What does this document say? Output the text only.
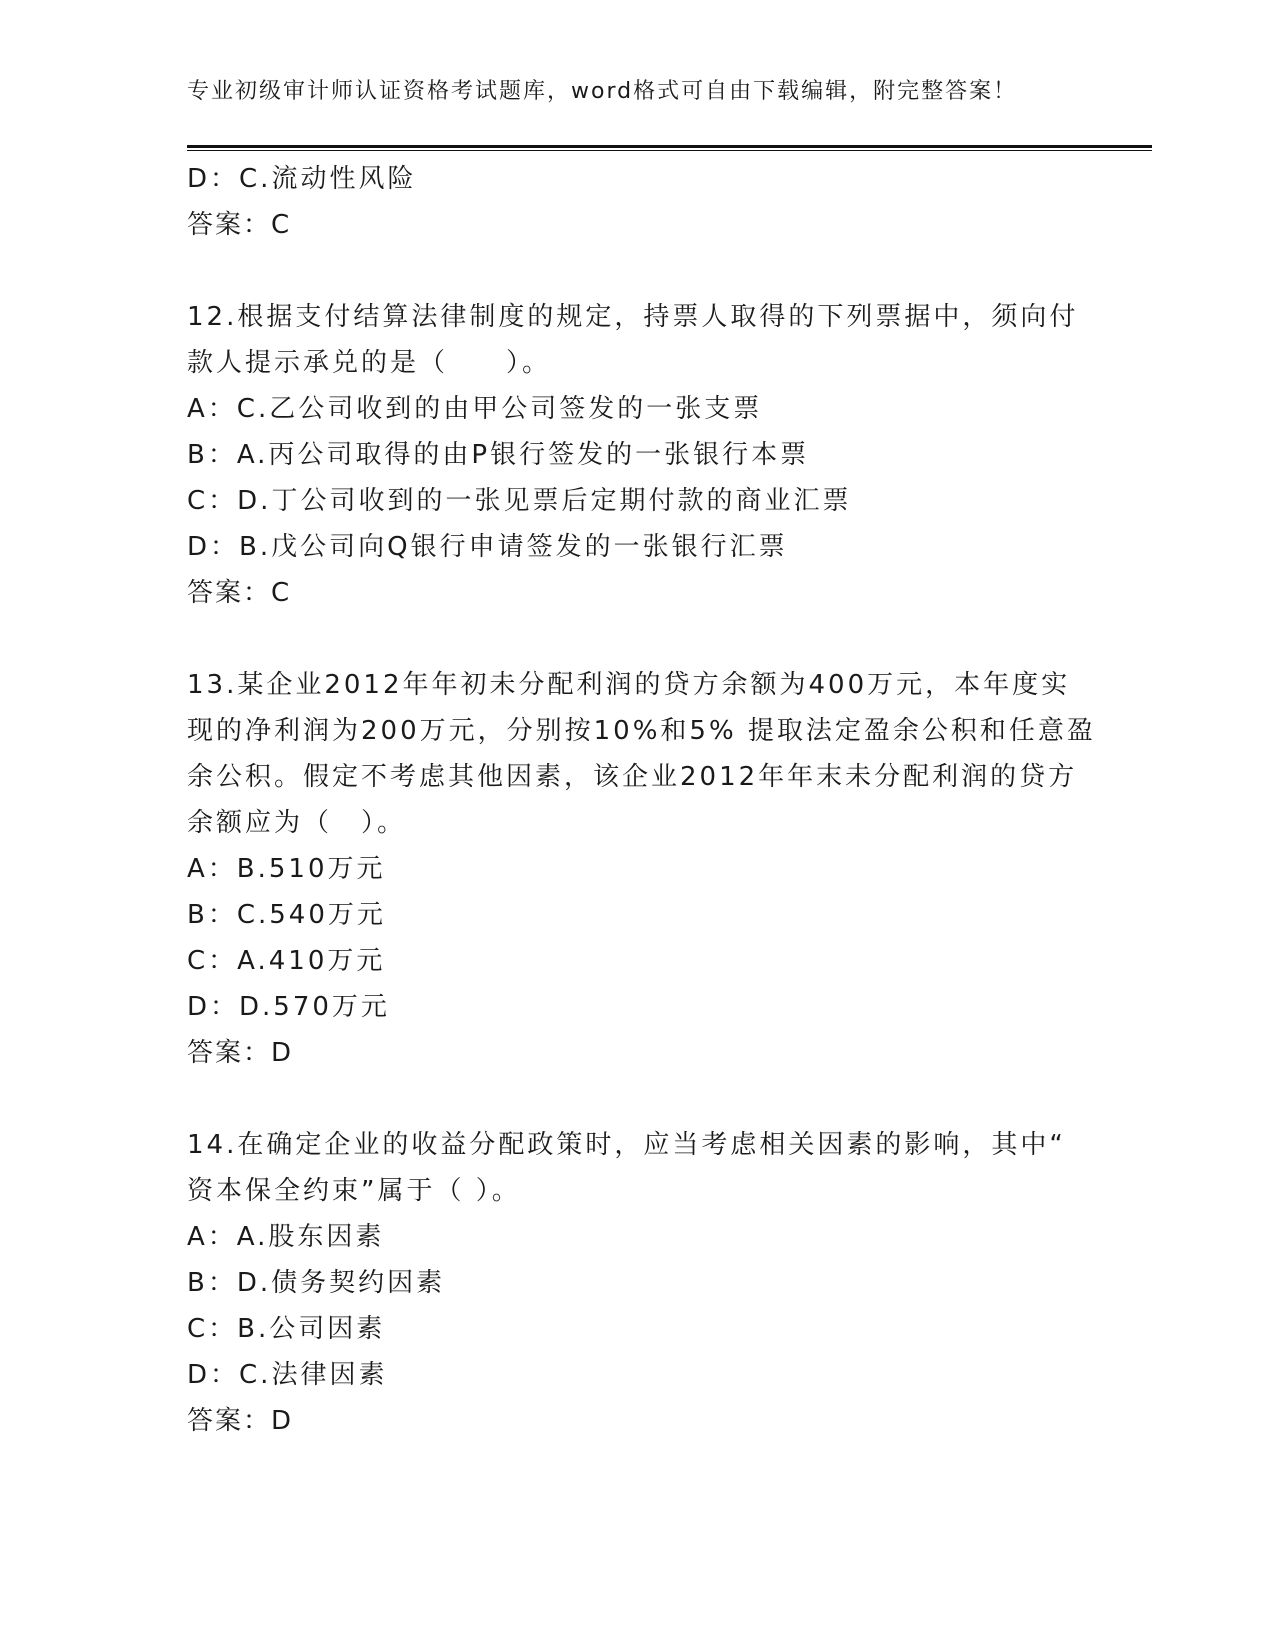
专业初级审计师认证资格考试题库，word格式可自由下载编辑，附完整答案！
D：C.流动性风险
答案：C
12.根据支付结算法律制度的规定，持票人取得的下列票据中，须向付
款人提示承兑的是（　　）。
A：C.乙公司收到的由甲公司签发的一张支票
B：A.丙公司取得的由P银行签发的一张银行本票
C：D.丁公司收到的一张见票后定期付款的商业汇票
D：B.戊公司向Q银行申请签发的一张银行汇票
答案：C
13.某企业2012年年初未分配利润的贷方余额为400万元，本年度实
现的净利润为200万元，分别按10%和5% 提取法定盈余公积和任意盈
余公积。假定不考虑其他因素，该企业2012年年末未分配利润的贷方
余额应为（　）。
A：B.510万元
B：C.540万元
C：A.410万元
D：D.570万元
答案：D
14.在确定企业的收益分配政策时，应当考虑相关因素的影响，其中“
资本保全约束”属于（ ）。
A：A.股东因素
B：D.债务契约因素
C：B.公司因素
D：C.法律因素
答案：D
